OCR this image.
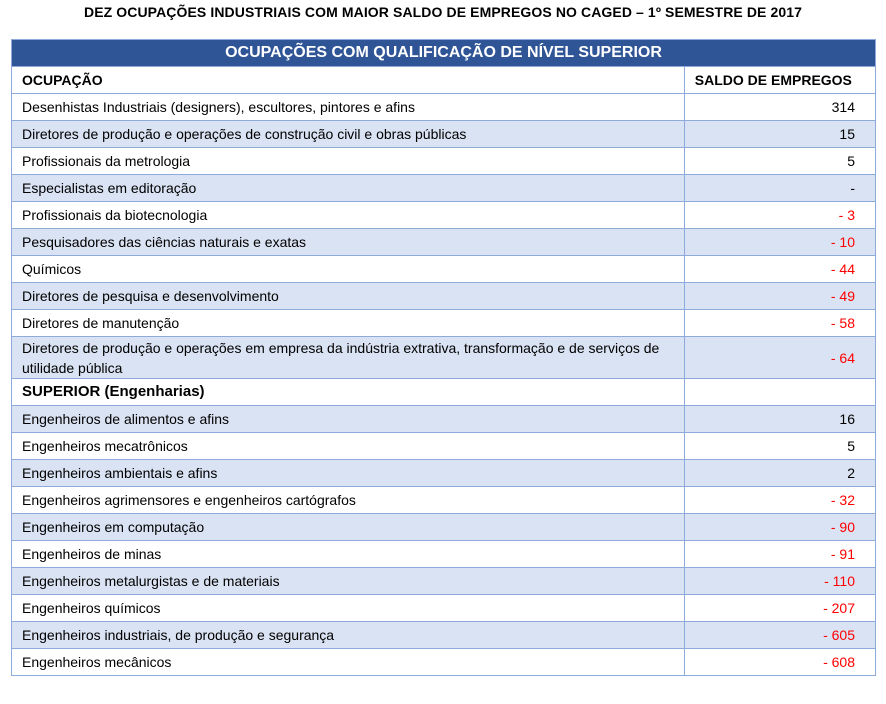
DEZ OCUPAÇÕES INDUSTRIAIS COM MAIOR SALDO DE EMPREGOS NO CAGED – 1º SEMESTRE DE 2017
OCUPAÇÕES COM QUALIFICAÇÃO DE NÍVEL SUPERIOR	
OCUPAÇÃO	SALDO DE EMPREGOS
Desenhistas Industriais (designers), escultores, pintores e afins	314
Diretores de produção e operações de construção civil e obras públicas	15
Profissionais da metrologia	5
Especialistas em editoração	-
Profissionais da biotecnologia	- 3
Pesquisadores das ciências naturais e exatas	- 10
Químicos	- 44
Diretores de pesquisa e desenvolvimento	- 49
Diretores de manutenção	- 58
Diretores de produção e operações em empresa da indústria extrativa, transformação e de serviços de utilidade pública	- 64
SUPERIOR (Engenharias)	
Engenheiros de alimentos e afins	16
Engenheiros mecatrônicos	5
Engenheiros ambientais e afins	2
Engenheiros agrimensores e engenheiros cartógrafos	- 32
Engenheiros em computação	- 90
Engenheiros de minas	- 91
Engenheiros metalurgistas e de materiais	- 110
Engenheiros químicos	- 207
Engenheiros industriais, de produção e segurança	- 605
Engenheiros mecânicos	- 608
